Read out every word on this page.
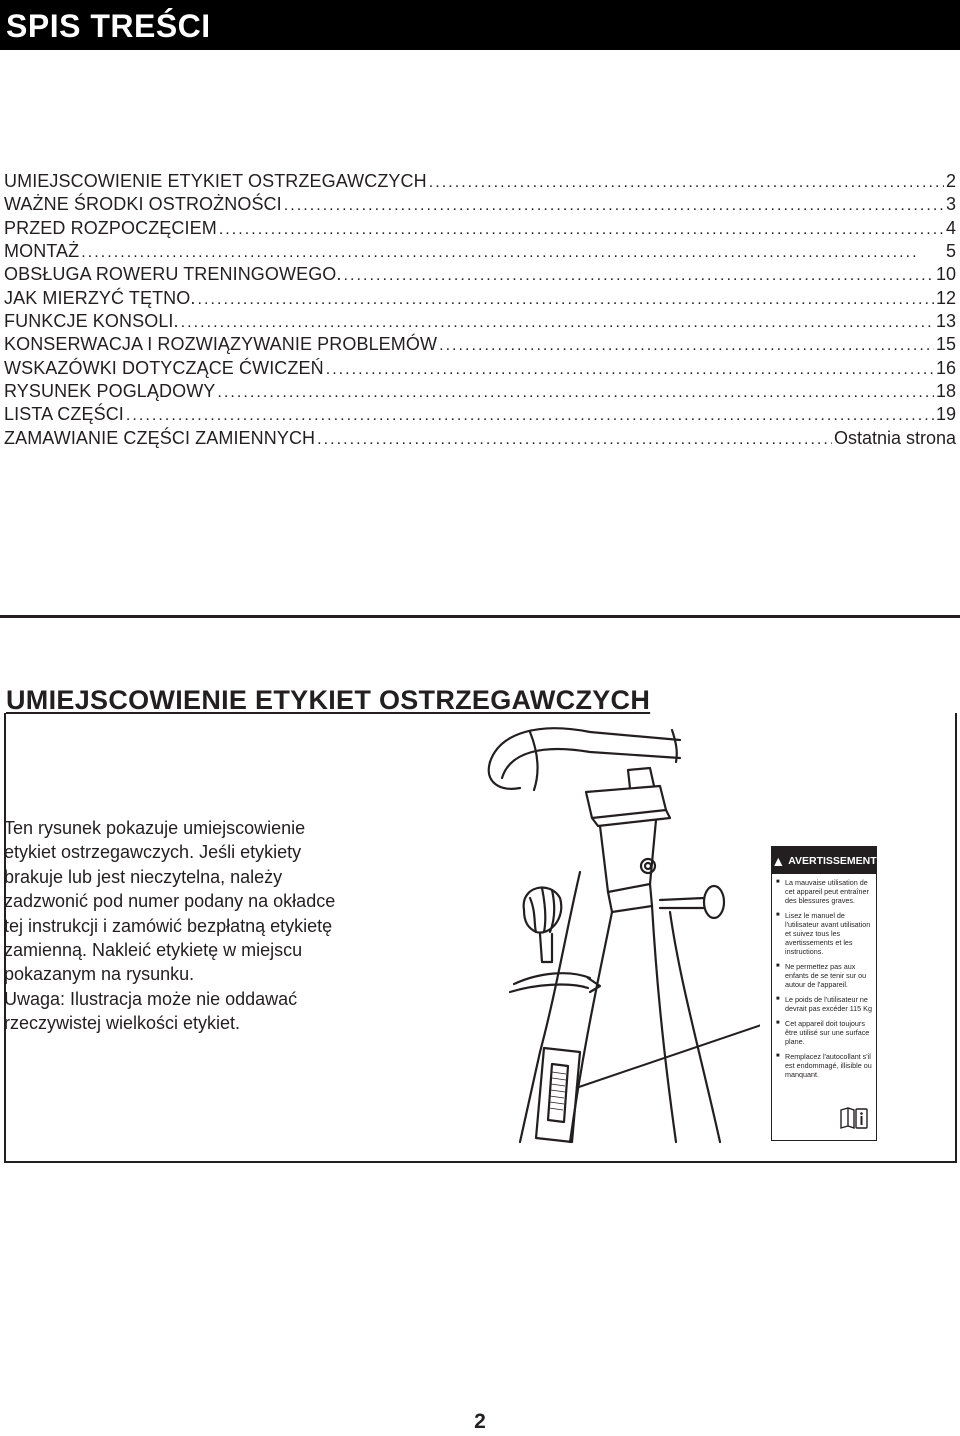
SPIS TREŚCI
UMIEJSCOWIENIE ETYKIET OSTRZEGAWCZYCH . . .	2
WAŻNE ŚRODKI OSTROŻNOŚCI . . .	3
PRZED ROZPOCZĘCIEM . . .	4
MONTAŻ . . .	5
OBSŁUGA ROWERU TRENINGOWEGO. . . .	10
JAK MIERZYĆ TĘTNO. . . .	12
FUNKCJE KONSOLI. . . .	13
KONSERWACJA I ROZWIĄZYWANIE PROBLEMÓW . . .	15
WSKAZÓWKI DOTYCZĄCE ĆWICZEŃ . . .	16
RYSUNEK POGLĄDOWY . . .	18
LISTA CZĘŚCI . . .	19
ZAMAWIANIE CZĘŚCI ZAMIENNYCH . . .	Ostatnia strona
UMIEJSCOWIENIE ETYKIET OSTRZEGAWCZYCH

Ten rysunek pokazuje umiejscowienie

etykiet ostrzegawczych. Jeśli etykiety

brakuje lub jest nieczytelna, należy

zadzwonić pod numer podany na okładce

tej instrukcji i zamówić bezpłatną etykietę

zamienną. Nakleić etykietę w miejscu

pokazanym na rysunku.

Uwaga: Ilustracja może nie oddawać

rzeczywistej wielkości etykiet.

▲ AVERTISSEMENT
■ La mauvaise utilisation de cet appareil peut entraîner des blessures graves.
■ Lisez le manuel de l'utilisateur avant utilisation et suivez tous les avertissements et les instructions.
■ Ne permettez pas aux enfants de se tenir sur ou autour de l'appareil.
■ Le poids de l'utilisateur ne devrait pas excéder 115 Kg
■ Cet appareil doit toujours être utilisé sur une surface plane.
■ Remplacez l'autocollant s'il est endommagé, illisible ou manquant.
2
